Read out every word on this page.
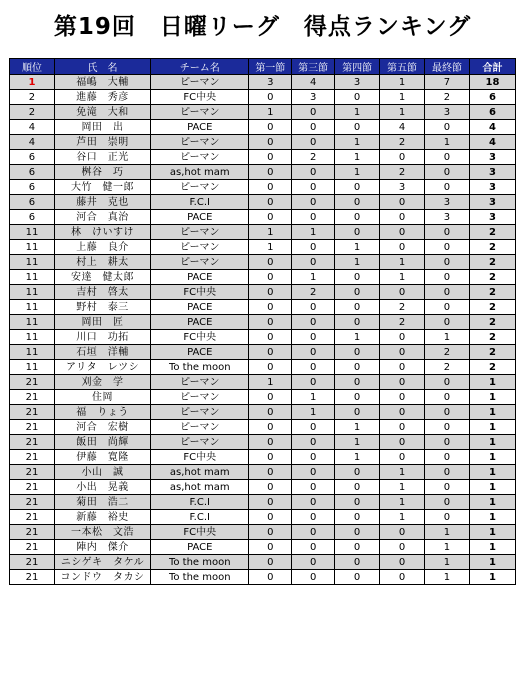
第19回　日曜リーグ　得点ランキング
順位	氏　名	チーム名	第一節	第三節	第四節	第五節	最終節	合計
1	福嶋　大輔	ピーマン	3	4	3	1	7	18
2	進藤　秀彦	FC中央	0	3	0	1	2	6
2	免滝　大和	ピーマン	1	0	1	1	3	6
4	岡田　出	PACE	0	0	0	4	0	4
4	芦田　崇明	ピーマン	0	0	1	2	1	4
6	谷口　正光	ピーマン	0	2	1	0	0	3
6	桝谷　巧	as,hot mam	0	0	1	2	0	3
6	大竹　健一郎	ピーマン	0	0	0	3	0	3
6	藤井　克也	F.C.I	0	0	0	0	3	3
6	河合　真治	PACE	0	0	0	0	3	3
11	林　けいすけ	ピーマン	1	1	0	0	0	2
11	上藤　良介	ピーマン	1	0	1	0	0	2
11	村上　耕太	ピーマン	0	0	1	1	0	2
11	安達　健太郎	PACE	0	1	0	1	0	2
11	吉村　啓太	FC中央	0	2	0	0	0	2
11	野村　泰三	PACE	0	0	0	2	0	2
11	岡田　匠	PACE	0	0	0	2	0	2
11	川口　功拓	FC中央	0	0	1	0	1	2
11	石垣　洋輔	PACE	0	0	0	0	2	2
11	アリタ　レツシ	To the moon	0	0	0	0	2	2
21	刈金　学	ピーマン	1	0	0	0	0	1
21	住岡	ピーマン	0	1	0	0	0	1
21	福　りょう	ピーマン	0	1	0	0	0	1
21	河合　宏樹	ピーマン	0	0	1	0	0	1
21	飯田　尚輝	ピーマン	0	0	1	0	0	1
21	伊藤　寛隆	FC中央	0	0	1	0	0	1
21	小山　誠	as,hot mam	0	0	0	1	0	1
21	小出　晃義	as,hot mam	0	0	0	1	0	1
21	菊田　浩二	F.C.I	0	0	0	1	0	1
21	新藤　裕史	F.C.I	0	0	0	1	0	1
21	一本松　文浩	FC中央	0	0	0	0	1	1
21	陣内　傑介	PACE	0	0	0	0	1	1
21	ニシゲキ　タケル	To the moon	0	0	0	0	1	1
21	コンドウ　タカシ	To the moon	0	0	0	0	1	1
